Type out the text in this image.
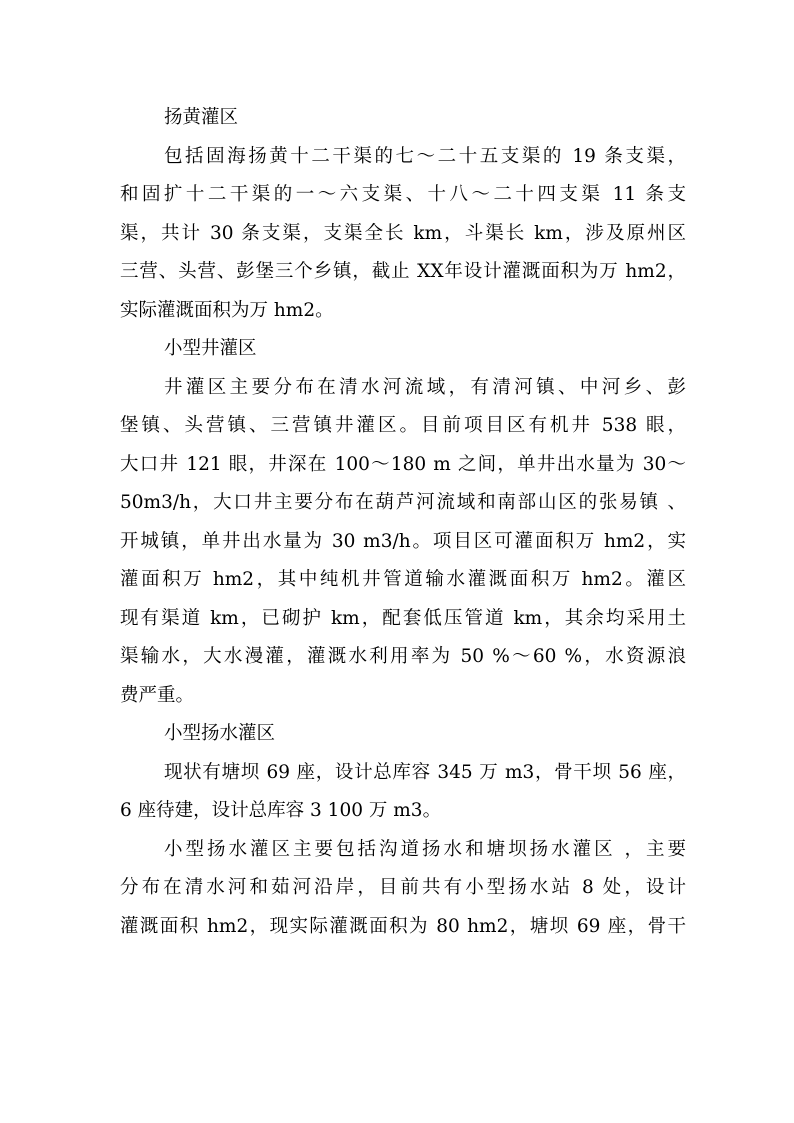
扬黄灌区
包括固海扬黄十二干渠的七～二十五支渠的 19 条支渠，
和固扩十二干渠的一～六支渠、十八～二十四支渠 11 条支
渠，共计 30 条支渠，支渠全长 km，斗渠长 km，涉及原州区
三营、头营、彭堡三个乡镇，截止 XX年设计灌溉面积为万 hm2，
实际灌溉面积为万 hm2。
小型井灌区
井灌区主要分布在清水河流域，有清河镇、中河乡、彭
堡镇、头营镇、三营镇井灌区。目前项目区有机井 538 眼，
大口井 121 眼，井深在 100～180 m 之间，单井出水量为 30～
50m3/h，大口井主要分布在葫芦河流域和南部山区的张易镇 、
开城镇，单井出水量为 30 m3/h。项目区可灌面积万 hm2，实
灌面积万 hm2，其中纯机井管道输水灌溉面积万 hm2。灌区
现有渠道 km，已砌护 km，配套低压管道 km，其余均采用土
渠输水，大水漫灌，灌溉水利用率为 50 %～60 %，水资源浪
费严重。
小型扬水灌区
现状有塘坝 69 座，设计总库容 345 万 m3，骨干坝 56 座，
6 座待建，设计总库容 3 100 万 m3。
小型扬水灌区主要包括沟道扬水和塘坝扬水灌区 ，主要
分布在清水河和茹河沿岸，目前共有小型扬水站 8 处，设计
灌溉面积 hm2，现实际灌溉面积为 80 hm2，塘坝 69 座，骨干
